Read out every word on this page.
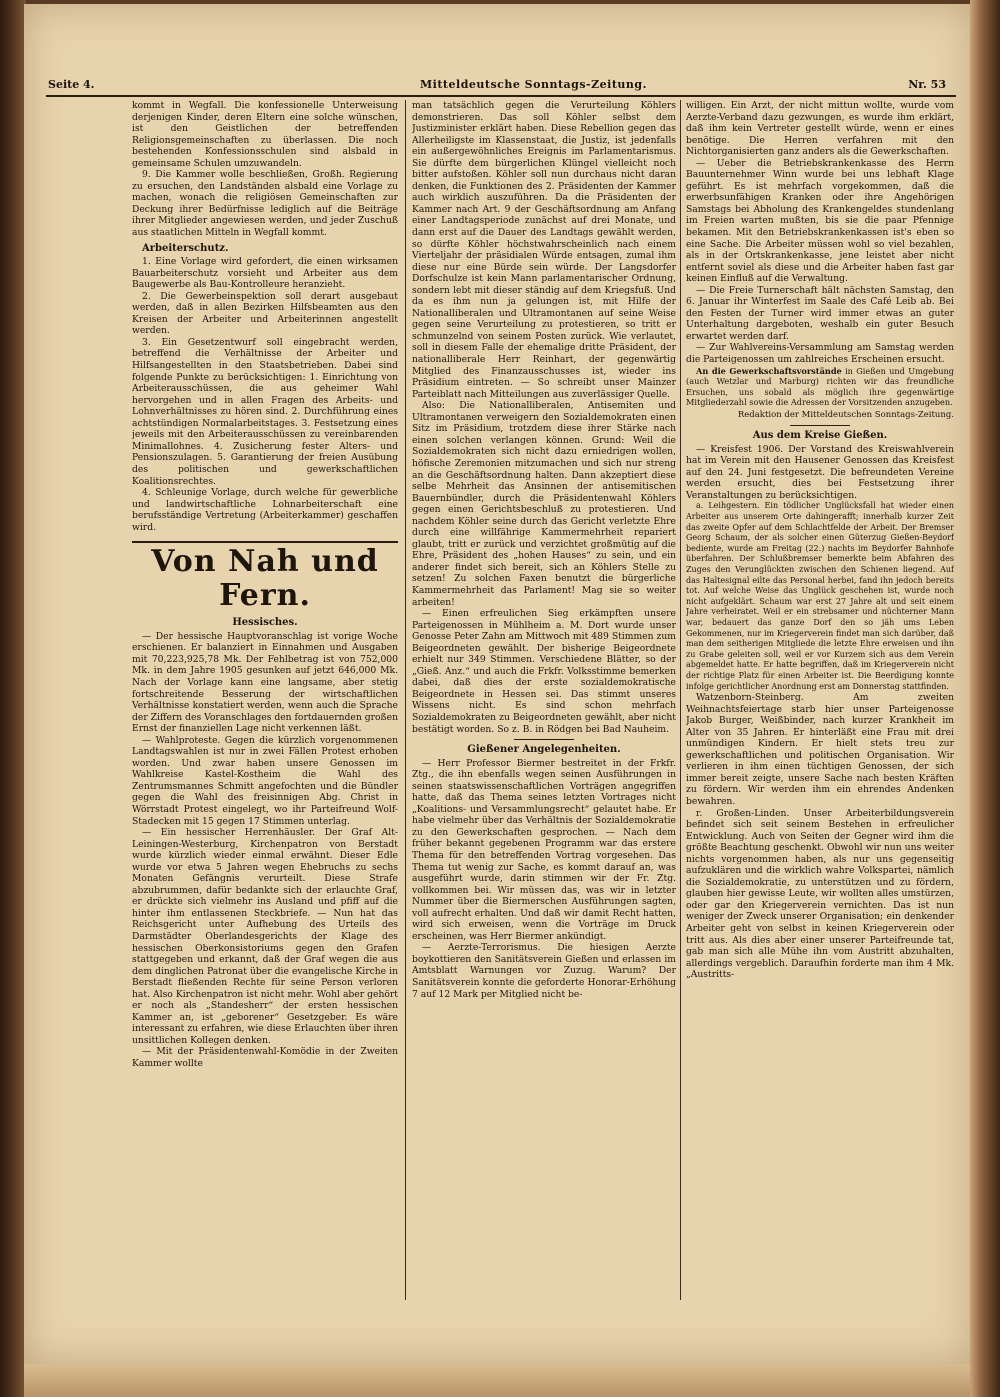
Seite 4.	Mitteldeutsche Sonntags-Zeitung.	Nr. 53

kommt in Wegfall. Die konfessionelle Unterweisung derjenigen Kinder, deren Eltern eine solche wünschen, ist den Geistlichen der betreffenden Religionsgemeinschaften zu überlassen. Die noch bestehenden Konfessionsschulen sind alsbald in gemeinsame Schulen umzuwandeln.

9. Die Kammer wolle beschließen, Großh. Regierung zu ersuchen, den Landständen alsbald eine Vorlage zu machen, wonach die religiösen Gemeinschaften zur Deckung ihrer Bedürfnisse lediglich auf die Beiträge ihrer Mitglieder angewiesen werden, und jeder Zuschuß aus staatlichen Mitteln in Wegfall kommt.

Arbeiterschutz.

1. Eine Vorlage wird gefordert, die einen wirksamen Bauarbeiterschutz vorsieht und Arbeiter aus dem Baugewerbe als Bau-Kontrolleure heranzieht.

2. Die Gewerbeinspektion soll derart ausgebaut werden, daß in allen Bezirken Hilfsbeamten aus den Kreisen der Arbeiter und Arbeiterinnen angestellt werden.

3. Ein Gesetzentwurf soll eingebracht werden, betreffend die Verhältnisse der Arbeiter und Hilfsangestellten in den Staatsbetrieben. Dabei sind folgende Punkte zu berücksichtigen: 1. Einrichtung von Arbeiterausschüssen, die aus geheimer Wahl hervorgehen und in allen Fragen des Arbeits- und Lohnverhältnisses zu hören sind. 2. Durchführung eines achtstündigen Normalarbeitstages. 3. Festsetzung eines jeweils mit den Arbeiterausschüssen zu vereinbarenden Minimallohnes. 4. Zusicherung fester Alters- und Pensionszulagen. 5. Garantierung der freien Ausübung des politischen und gewerkschaftlichen Koalitionsrechtes.

4. Schleunige Vorlage, durch welche für gewerbliche und landwirtschaftliche Lohnarbeiterschaft eine berufsständige Vertretung (Arbeiterkammer) geschaffen wird.

Von Nah und Fern.
Hessisches.

— Der hessische Hauptvoranschlag ist vorige Woche erschienen. Er balanziert in Einnahmen und Ausgaben mit 70,223,925,78 Mk. Der Fehlbetrag ist von 752,000 Mk. in dem Jahre 1905 gesunken auf jetzt 646,000 Mk. Nach der Vorlage kann eine langsame, aber stetig fortschreitende Besserung der wirtschaftlichen Verhältnisse konstatiert werden, wenn auch die Sprache der Ziffern des Voranschlages den fortdauernden großen Ernst der finanziellen Lage nicht verkennen läßt.

— Wahlproteste. Gegen die kürzlich vorgenommenen Landtagswahlen ist nur in zwei Fällen Protest erhoben worden. Und zwar haben unsere Genossen im Wahlkreise Kastel-Kostheim die Wahl des Zentrumsmannes Schmitt angefochten und die Bündler gegen die Wahl des freisinnigen Abg. Christ in Wörrstadt Protest eingelegt, wo ihr Parteifreund Wolf-Stadecken mit 15 gegen 17 Stimmen unterlag.

— Ein hessischer Herrenhäusler. Der Graf Alt-Leiningen-Westerburg, Kirchenpatron von Berstadt wurde kürzlich wieder einmal erwähnt. Dieser Edle wurde vor etwa 5 Jahren wegen Ehebruchs zu sechs Monaten Gefängnis verurteilt. Diese Strafe abzubrummen, dafür bedankte sich der erlauchte Graf, er drückte sich vielmehr ins Ausland und pfiff auf die hinter ihm entlassenen Steckbriefe. — Nun hat das Reichsgericht unter Aufhebung des Urteils des Darmstädter Oberlandesgerichts der Klage des hessischen Oberkonsistoriums gegen den Grafen stattgegeben und erkannt, daß der Graf wegen die aus dem dinglichen Patronat über die evangelische Kirche in Berstadt fließenden Rechte für seine Person verloren hat. Also Kirchenpatron ist nicht mehr. Wohl aber gehört er noch als „Standesherr“ der ersten hessischen Kammer an, ist „geborener“ Gesetzgeber. Es wäre interessant zu erfahren, wie diese Erlauchten über ihren unsittlichen Kollegen denken.

— Mit der Präsidentenwahl-Komödie in der Zweiten Kammer wollte

man tatsächlich gegen die Verurteilung Köhlers demonstrieren. Das soll Köhler selbst dem Justizminister erklärt haben. Diese Rebellion gegen das Allerheiligste im Klassenstaat, die Justiz, ist jedenfalls ein außergewöhnliches Ereignis im Parlamentarismus. Sie dürfte dem bürgerlichen Klüngel vielleicht noch bitter aufstoßen. Köhler soll nun durchaus nicht daran denken, die Funktionen des 2. Präsidenten der Kammer auch wirklich auszuführen. Da die Präsidenten der Kammer nach Art. 9 der Geschäftsordnung am Anfang einer Landtagsperiode zunächst auf drei Monate, und dann erst auf die Dauer des Landtags gewählt werden, so dürfte Köhler höchstwahrscheinlich nach einem Vierteljahr der präsidialen Würde entsagen, zumal ihm diese nur eine Bürde sein würde. Der Langsdorfer Dorfschulze ist kein Mann parlamentarischer Ordnung, sondern lebt mit dieser ständig auf dem Kriegsfuß. Und da es ihm nun ja gelungen ist, mit Hilfe der Nationalliberalen und Ultramontanen auf seine Weise gegen seine Verurteilung zu protestieren, so tritt er schmunzelnd von seinem Posten zurück. Wie verlautet, soll in diesem Falle der ehemalige dritte Präsident, der nationalliberale Herr Reinhart, der gegenwärtig Mitglied des Finanzausschusses ist, wieder ins Präsidium eintreten. — So schreibt unser Mainzer Parteiblatt nach Mitteilungen aus zuverlässiger Quelle.

Also: Die Nationalliberalen, Antisemiten und Ultramontanen verweigern den Sozialdemokraten einen Sitz im Präsidium, trotzdem diese ihrer Stärke nach einen solchen verlangen können. Grund: Weil die Sozialdemokraten sich nicht dazu erniedrigen wollen, höfische Zeremonien mitzumachen und sich nur streng an die Geschäftsordnung halten. Dann akzeptiert diese selbe Mehrheit das Ansinnen der antisemitischen Bauernbündler, durch die Präsidentenwahl Köhlers gegen einen Gerichtsbeschluß zu protestieren. Und nachdem Köhler seine durch das Gericht verletzte Ehre durch eine willfährige Kammermehrheit repariert glaubt, tritt er zurück und verzichtet großmütig auf die Ehre, Präsident des „hohen Hauses“ zu sein, und ein anderer findet sich bereit, sich an Köhlers Stelle zu setzen! Zu solchen Faxen benutzt die bürgerliche Kammermehrheit das Parlament! Mag sie so weiter arbeiten!

— Einen erfreulichen Sieg erkämpften unsere Parteigenossen in Mühlheim a. M. Dort wurde unser Genosse Peter Zahn am Mittwoch mit 489 Stimmen zum Beigeordneten gewählt. Der bisherige Beigeordnete erhielt nur 349 Stimmen. Verschiedene Blätter, so der „Gieß. Anz.“ und auch die Frkfr. Volksstimme bemerken dabei, daß dies der erste sozialdemokratische Beigeordnete in Hessen sei. Das stimmt unseres Wissens nicht. Es sind schon mehrfach Sozialdemokraten zu Beigeordneten gewählt, aber nicht bestätigt worden. So z. B. in Rödgen bei Bad Nauheim.

Gießener Angelegenheiten.

— Herr Professor Biermer bestreitet in der Frkfr. Ztg., die ihn ebenfalls wegen seinen Ausführungen in seinen staatswissenschaftlichen Vorträgen angegriffen hatte, daß das Thema seines letzten Vortrages nicht „Koalitions- und Versammlungsrecht“ gelautet habe. Er habe vielmehr über das Verhältnis der Sozialdemokratie zu den Gewerkschaften gesprochen. — Nach dem früher bekannt gegebenen Programm war das erstere Thema für den betreffenden Vortrag vorgesehen. Das Thema tut wenig zur Sache, es kommt darauf an, was ausgeführt wurde, darin stimmen wir der Fr. Ztg. vollkommen bei. Wir müssen das, was wir in letzter Nummer über die Biermerschen Ausführungen sagten, voll aufrecht erhalten. Und daß wir damit Recht hatten, wird sich erweisen, wenn die Vorträge im Druck erscheinen, was Herr Biermer ankündigt.

— Aerzte-Terrorismus. Die hiesigen Aerzte boykottieren den Sanitätsverein Gießen und erlassen im Amtsblatt Warnungen vor Zuzug. Warum? Der Sanitätsverein konnte die geforderte Honorar-Erhöhung 7 auf 12 Mark per Mitglied nicht be-

willigen. Ein Arzt, der nicht mittun wollte, wurde vom Aerzte-Verband dazu gezwungen, es wurde ihm erklärt, daß ihm kein Vertreter gestellt würde, wenn er eines benötige. Die Herren verfahren mit den Nichtorganisierten ganz anders als die Gewerkschaften.

— Ueber die Betriebskrankenkasse des Herrn Bauunternehmer Winn wurde bei uns lebhaft Klage geführt. Es ist mehrfach vorgekommen, daß die erwerbsunfähigen Kranken oder ihre Angehörigen Samstags bei Abholung des Krankengeldes stundenlang im Freien warten mußten, bis sie die paar Pfennige bekamen. Mit den Betriebskrankenkassen ist's eben so eine Sache. Die Arbeiter müssen wohl so viel bezahlen, als in der Ortskrankenkasse, jene leistet aber nicht entfernt soviel als diese und die Arbeiter haben fast gar keinen Einfluß auf die Verwaltung.

— Die Freie Turnerschaft hält nächsten Samstag, den 6. Januar ihr Winterfest im Saale des Café Leib ab. Bei den Festen der Turner wird immer etwas an guter Unterhaltung dargeboten, weshalb ein guter Besuch erwartet werden darf.

— Zur Wahlvereins-Versammlung am Samstag werden die Parteigenossen um zahlreiches Erscheinen ersucht.

An die Gewerkschaftsvorstände in Gießen und Umgebung (auch Wetzlar und Marburg) richten wir das freundliche Ersuchen, uns sobald als möglich ihre gegenwärtige Mitgliederzahl sowie die Adressen der Vorsitzenden anzugeben.

Redaktion der Mitteldeutschen Sonntags-Zeitung.
Aus dem Kreise Gießen.

— Kreisfest 1906. Der Vorstand des Kreiswahlverein hat im Verein mit den Hausener Genossen das Kreisfest auf den 24. Juni festgesetzt. Die befreundeten Vereine werden ersucht, dies bei Festsetzung ihrer Veranstaltungen zu berücksichtigen.

a. Leihgestern. Ein tödlicher Unglücksfall hat wieder einen Arbeiter aus unserem Orte dahingerafft; innerhalb kurzer Zeit das zweite Opfer auf dem Schlachtfelde der Arbeit. Der Bremser Georg Schaum, der als solcher einen Güterzug Gießen-Beydorf bediente, wurde am Freitag (22.) nachts im Beydorfer Bahnhofe überfahren. Der Schlußbremser bemerkte beim Abfahren des Zuges den Verunglückten zwischen den Schienen liegend. Auf das Haltesignal eilte das Personal herbei, fand ihn jedoch bereits tot. Auf welche Weise das Unglück geschehen ist, wurde noch nicht aufgeklärt. Schaum war erst 27 Jahre alt und seit einem Jahre verheiratet. Weil er ein strebsamer und nüchterner Mann war, bedauert das ganze Dorf den so jäh ums Leben Gekommenen, nur im Kriegerverein findet man sich darüber, daß man dem seitherigen Mitgliede die letzte Ehre erweisen und ihn zu Grabe geleiten soll, weil er vor Kurzem sich aus dem Verein abgemeldet hatte. Er hatte begriffen, daß im Kriegerverein nicht der richtige Platz für einen Arbeiter ist. Die Beerdigung konnte infolge gerichtlicher Anordnung erst am Donnerstag stattfinden.

Watzenborn-Steinberg. Am zweiten Weihnachtsfeiertage starb hier unser Parteigenosse Jakob Burger, Weißbinder, nach kurzer Krankheit im Alter von 35 Jahren. Er hinterläßt eine Frau mit drei unmündigen Kindern. Er hielt stets treu zur gewerkschaftlichen und politischen Organisation. Wir verlieren in ihm einen tüchtigen Genossen, der sich immer bereit zeigte, unsere Sache nach besten Kräften zu fördern. Wir werden ihm ein ehrendes Andenken bewahren.

r. Großen-Linden. Unser Arbeiterbildungsverein befindet sich seit seinem Bestehen in erfreulicher Entwicklung. Auch von Seiten der Gegner wird ihm die größte Beachtung geschenkt. Obwohl wir nun uns weiter nichts vorgenommen haben, als nur uns gegenseitig aufzuklären und die wirklich wahre Volkspartei, nämlich die Sozialdemokratie, zu unterstützen und zu fördern, glauben hier gewisse Leute, wir wollten alles umstürzen, oder gar den Kriegerverein vernichten. Das ist nun weniger der Zweck unserer Organisation; ein denkender Arbeiter geht von selbst in keinen Kriegerverein oder tritt aus. Als dies aber einer unserer Parteifreunde tat, gab man sich alle Mühe ihn vom Austritt abzuhalten, allerdings vergeblich. Daraufhin forderte man ihm 4 Mk. „Austritts-
